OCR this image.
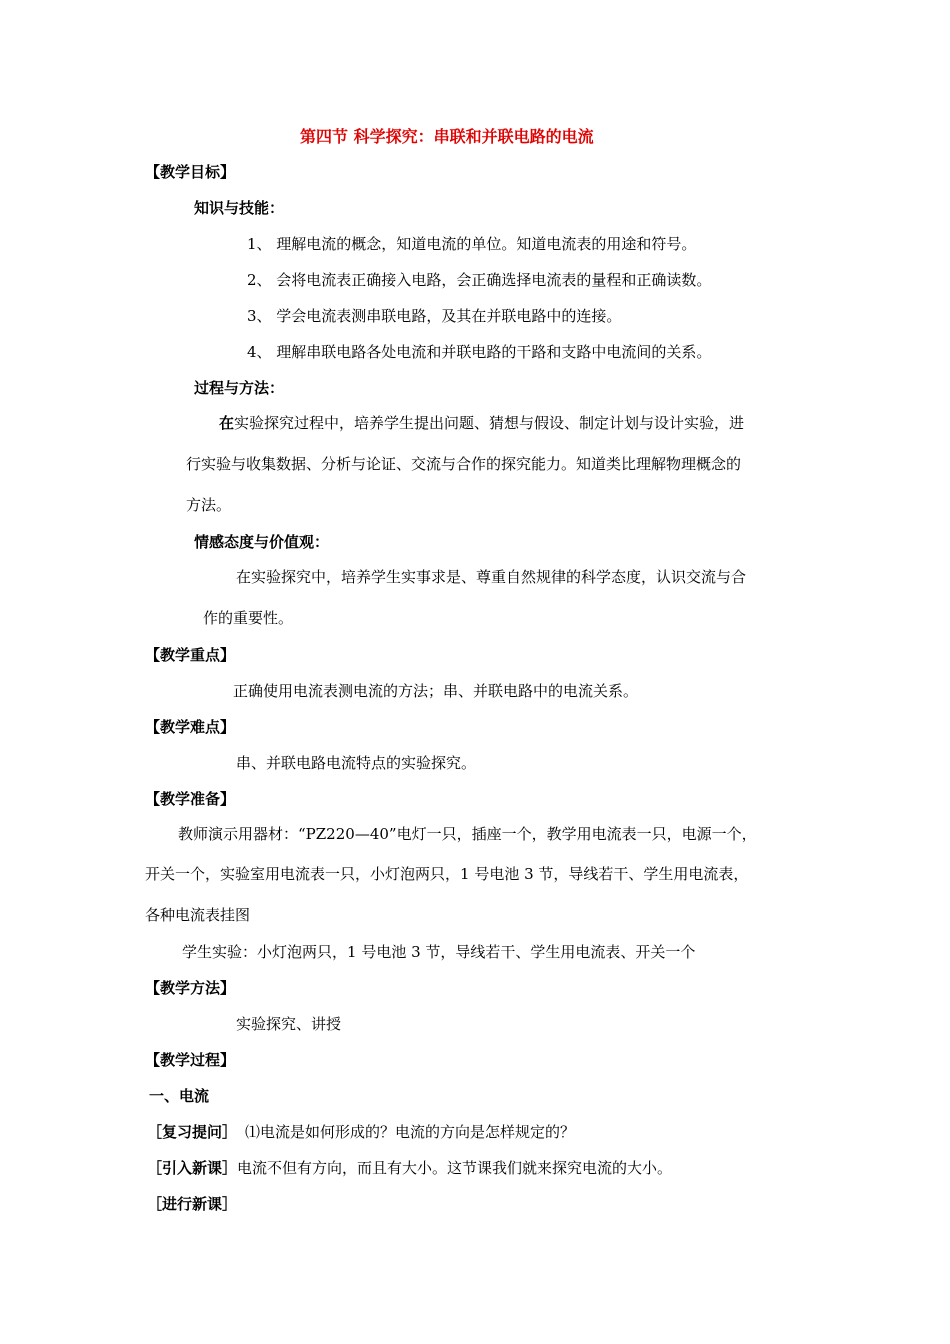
第四节 科学探究：串联和并联电路的电流
【教学目标】
知识与技能：
1、 理解电流的概念，知道电流的单位。知道电流表的用途和符号。
2、 会将电流表正确接入电路，会正确选择电流表的量程和正确读数。
3、 学会电流表测串联电路，及其在并联电路中的连接。
4、 理解串联电路各处电流和并联电路的干路和支路中电流间的关系。
过程与方法：
在实验探究过程中，培养学生提出问题、猜想与假设、制定计划与设计实验，进
行实验与收集数据、分析与论证、交流与合作的探究能力。知道类比理解物理概念的
方法。
情感态度与价值观：
在实验探究中，培养学生实事求是、尊重自然规律的科学态度，认识交流与合
作的重要性。
【教学重点】
正确使用电流表测电流的方法；串、并联电路中的电流关系。
【教学难点】
串、并联电路电流特点的实验探究。
【教学准备】
教师演示用器材：“PZ220—40”电灯一只，插座一个，教学用电流表一只，电源一个，
开关一个，实验室用电流表一只，小灯泡两只，1 号电池 3 节，导线若干、学生用电流表，
各种电流表挂图
学生实验：小灯泡两只，1 号电池 3 节，导线若干、学生用电流表、开关一个
【教学方法】
实验探究、讲授
【教学过程】
一、电流
［复习提问］ ⑴电流是如何形成的？电流的方向是怎样规定的？
［引入新课］电流不但有方向，而且有大小。这节课我们就来探究电流的大小。
［进行新课］
